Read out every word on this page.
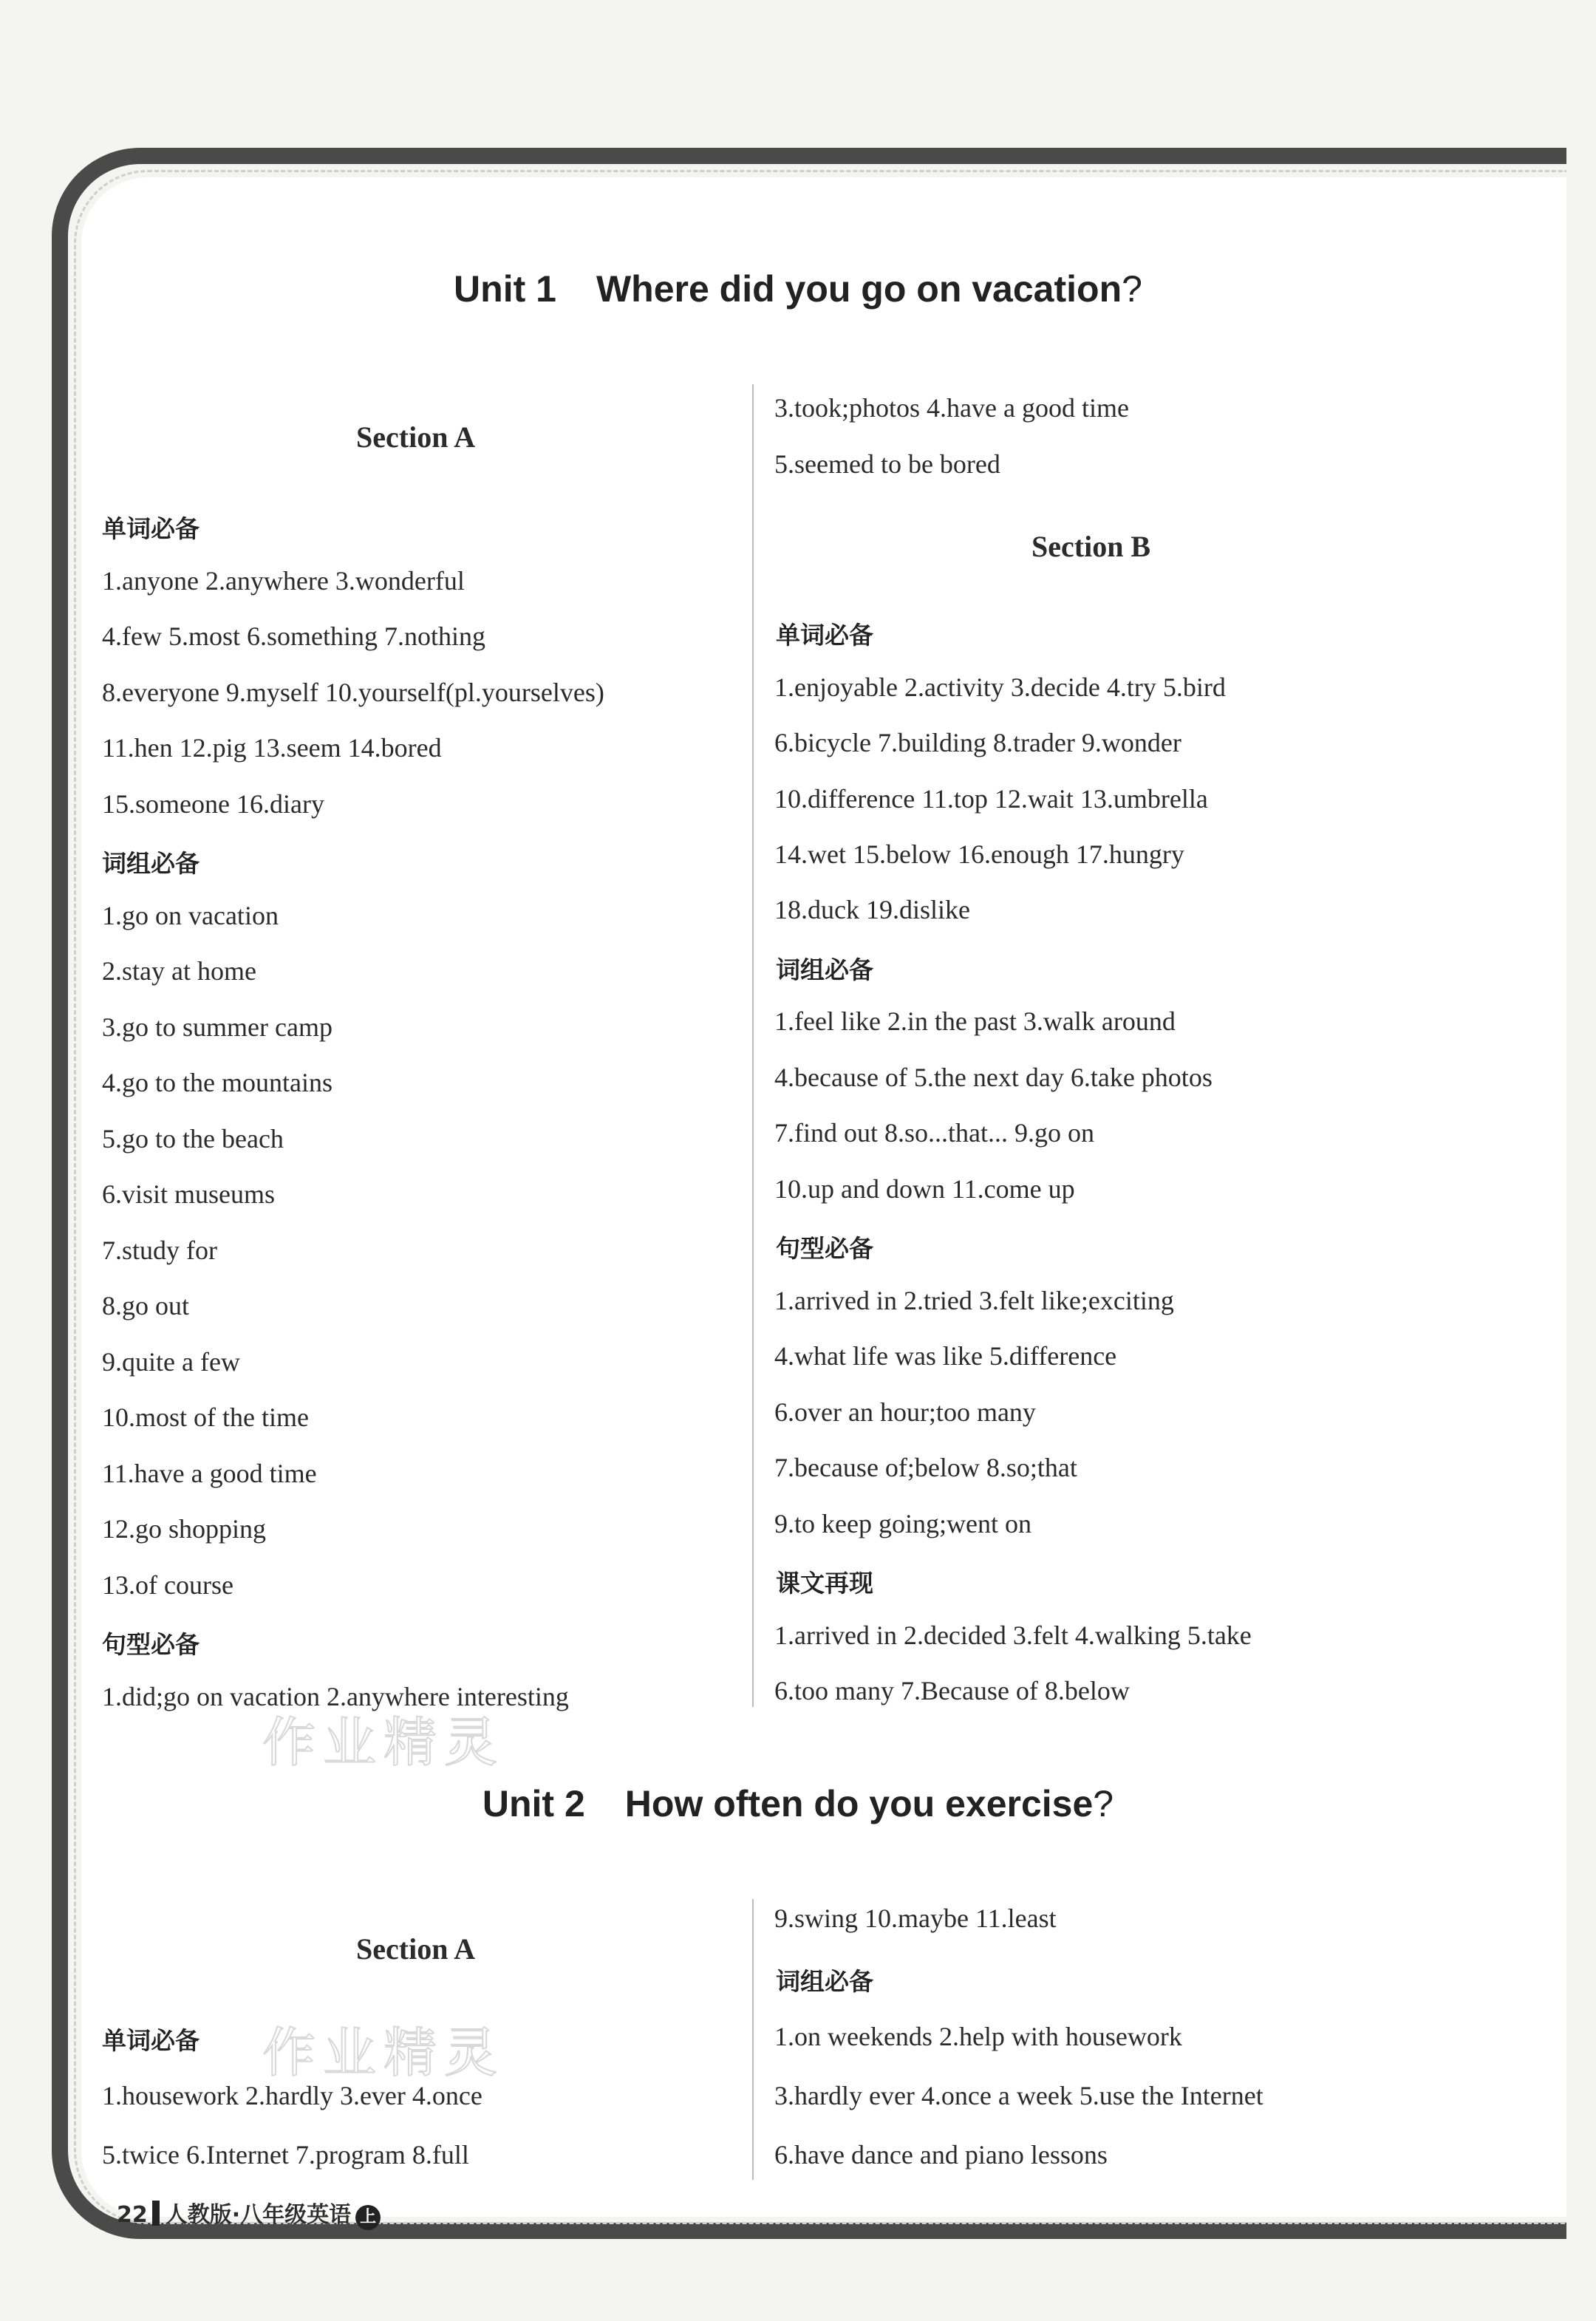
Unit 1 Where did you go on vacation?
Section A
单词必备
1.anyone 2.anywhere 3.wonderful
4.few 5.most 6.something 7.nothing
8.everyone 9.myself 10.yourself(pl.yourselves)
11.hen 12.pig 13.seem 14.bored
15.someone 16.diary
词组必备
1.go on vacation
2.stay at home
3.go to summer camp
4.go to the mountains
5.go to the beach
6.visit museums
7.study for
8.go out
9.quite a few
10.most of the time
11.have a good time
12.go shopping
13.of course
句型必备
1.did;go on vacation 2.anywhere interesting
3.took;photos 4.have a good time
5.seemed to be bored
Section B
单词必备
1.enjoyable 2.activity 3.decide 4.try 5.bird
6.bicycle 7.building 8.trader 9.wonder
10.difference 11.top 12.wait 13.umbrella
14.wet 15.below 16.enough 17.hungry
18.duck 19.dislike
词组必备
1.feel like 2.in the past 3.walk around
4.because of 5.the next day 6.take photos
7.find out 8.so...that... 9.go on
10.up and down 11.come up
句型必备
1.arrived in 2.tried 3.felt like;exciting
4.what life was like 5.difference
6.over an hour;too many
7.because of;below 8.so;that
9.to keep going;went on
课文再现
1.arrived in 2.decided 3.felt 4.walking 5.take
6.too many 7.Because of 8.below
作业精灵
Unit 2 How often do you exercise?
Section A
单词必备
1.housework 2.hardly 3.ever 4.once
5.twice 6.Internet 7.program 8.full
作业精灵
9.swing 10.maybe 11.least
词组必备
1.on weekends 2.help with housework
3.hardly ever 4.once a week 5.use the Internet
6.have dance and piano lessons
22 人教版·八年级英语 上
